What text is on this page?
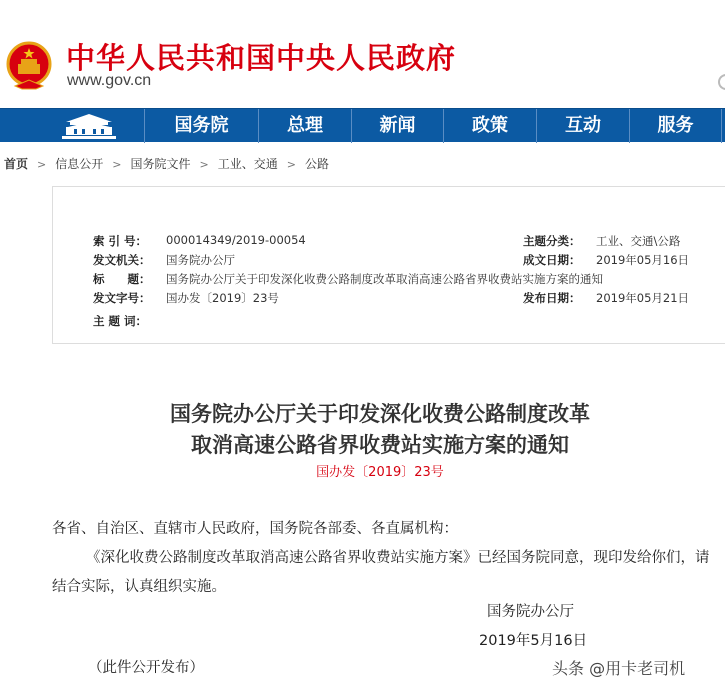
中华人民共和国中央人民政府
www.gov.cn
国务院	总理	新闻	政策	互动	服务
首页 > 信息公开 > 国务院文件 > 工业、交通 > 公路
索 引 号： 000014349/2019-00054	主题分类： 工业、交通\公路
发文机关： 国务院办公厅	成文日期： 2019年05月16日
标　　题： 国务院办公厅关于印发深化收费公路制度改革取消高速公路省界收费站实施方案的通知
发文字号： 国办发〔2019〕23号	发布日期： 2019年05月21日
主 题 词：
国务院办公厅关于印发深化收费公路制度改革
取消高速公路省界收费站实施方案的通知
国办发〔2019〕23号

各省、自治区、直辖市人民政府，国务院各部委、各直属机构：

《深化收费公路制度改革取消高速公路省界收费站实施方案》已经国务院同意，现印发给你们，请结合实际，认真组织实施。

国务院办公厅
2019年5月16日
（此件公开发布）	头条 @用卡老司机
